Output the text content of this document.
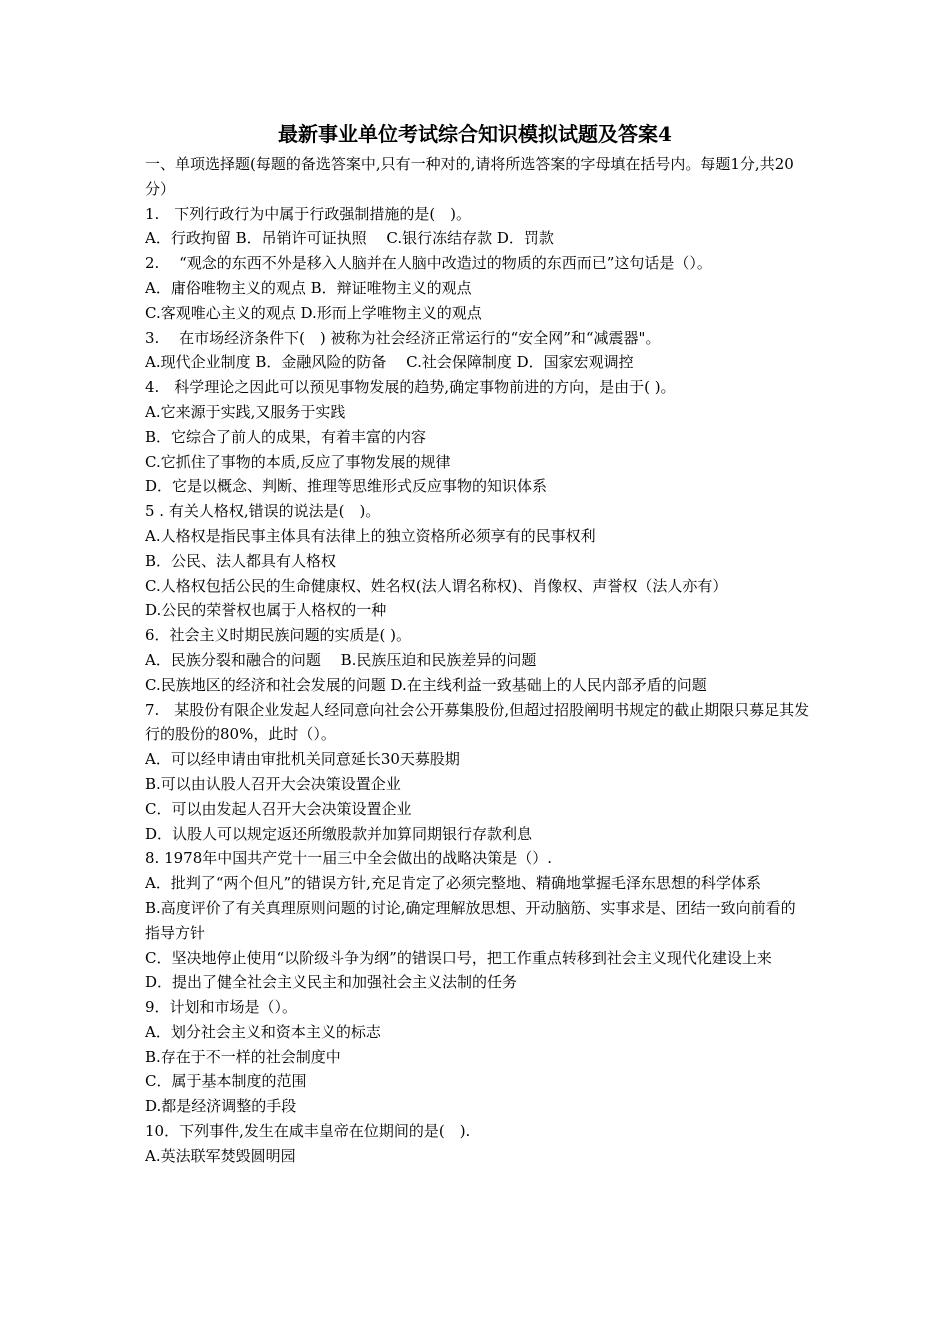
最新事业单位考试综合知识模拟试题及答案4
一、单项选择题(每题的备选答案中,只有一种对的,请将所选答案的字母填在括号内。每题1分,共20分）
1.　下列行政行为中属于行政强制措施的是(　)。
A．行政拘留 B．吊销许可证执照　 C.银行冻结存款 D．罚款
2.　 “观念的东西不外是移入人脑并在人脑中改造过的物质的东西而已”这句话是（）。
A．庸俗唯物主义的观点 B．辩证唯物主义的观点
C.客观唯心主义的观点 D.形而上学唯物主义的观点
3.　 在市场经济条件下(　) 被称为社会经济正常运行的“安全网”和“减震器"。
A.现代企业制度 B．金融风险的防备　 C.社会保障制度 D．国家宏观调控
4.　科学理论之因此可以预见事物发展的趋势,确定事物前进的方向，是由于( )。
A.它来源于实践,又服务于实践
B．它综合了前人的成果，有着丰富的内容
C.它抓住了事物的本质,反应了事物发展的规律
D．它是以概念、判断、推理等思维形式反应事物的知识体系
5 . 有关人格权,错误的说法是(　)。
A.人格权是指民事主体具有法律上的独立资格所必须享有的民事权利
B．公民、法人都具有人格权
C.人格权包括公民的生命健康权、姓名权(法人谓名称权)、肖像权、声誉权（法人亦有）
D.公民的荣誉权也属于人格权的一种
6．社会主义时期民族问题的实质是( )。
A．民族分裂和融合的问题　 B.民族压迫和民族差异的问题
C.民族地区的经济和社会发展的问题 D.在主线利益一致基础上的人民内部矛盾的问题
7.　某股份有限企业发起人经同意向社会公开募集股份,但超过招股阐明书规定的截止期限只募足其发行的股份的80%，此时（）。
A．可以经申请由审批机关同意延长30天募股期
B.可以由认股人召开大会决策设置企业
C．可以由发起人召开大会决策设置企业
D．认股人可以规定返还所缴股款并加算同期银行存款利息
8. 1978年中国共产党十一届三中全会做出的战略决策是（）.
A．批判了“两个但凡”的错误方针,充足肯定了必须完整地、精确地掌握毛泽东思想的科学体系
B.高度评价了有关真理原则问题的讨论,确定理解放思想、开动脑筋、实事求是、团结一致向前看的指导方针
C．坚决地停止使用“以阶级斗争为纲”的错误口号，把工作重点转移到社会主义现代化建设上来
D．提出了健全社会主义民主和加强社会主义法制的任务
9．计划和市场是（）。
A．划分社会主义和资本主义的标志
B.存在于不一样的社会制度中
C．属于基本制度的范围
D.都是经济调整的手段
10．下列事件,发生在咸丰皇帝在位期间的是(　).
A.英法联军焚毁圆明园
